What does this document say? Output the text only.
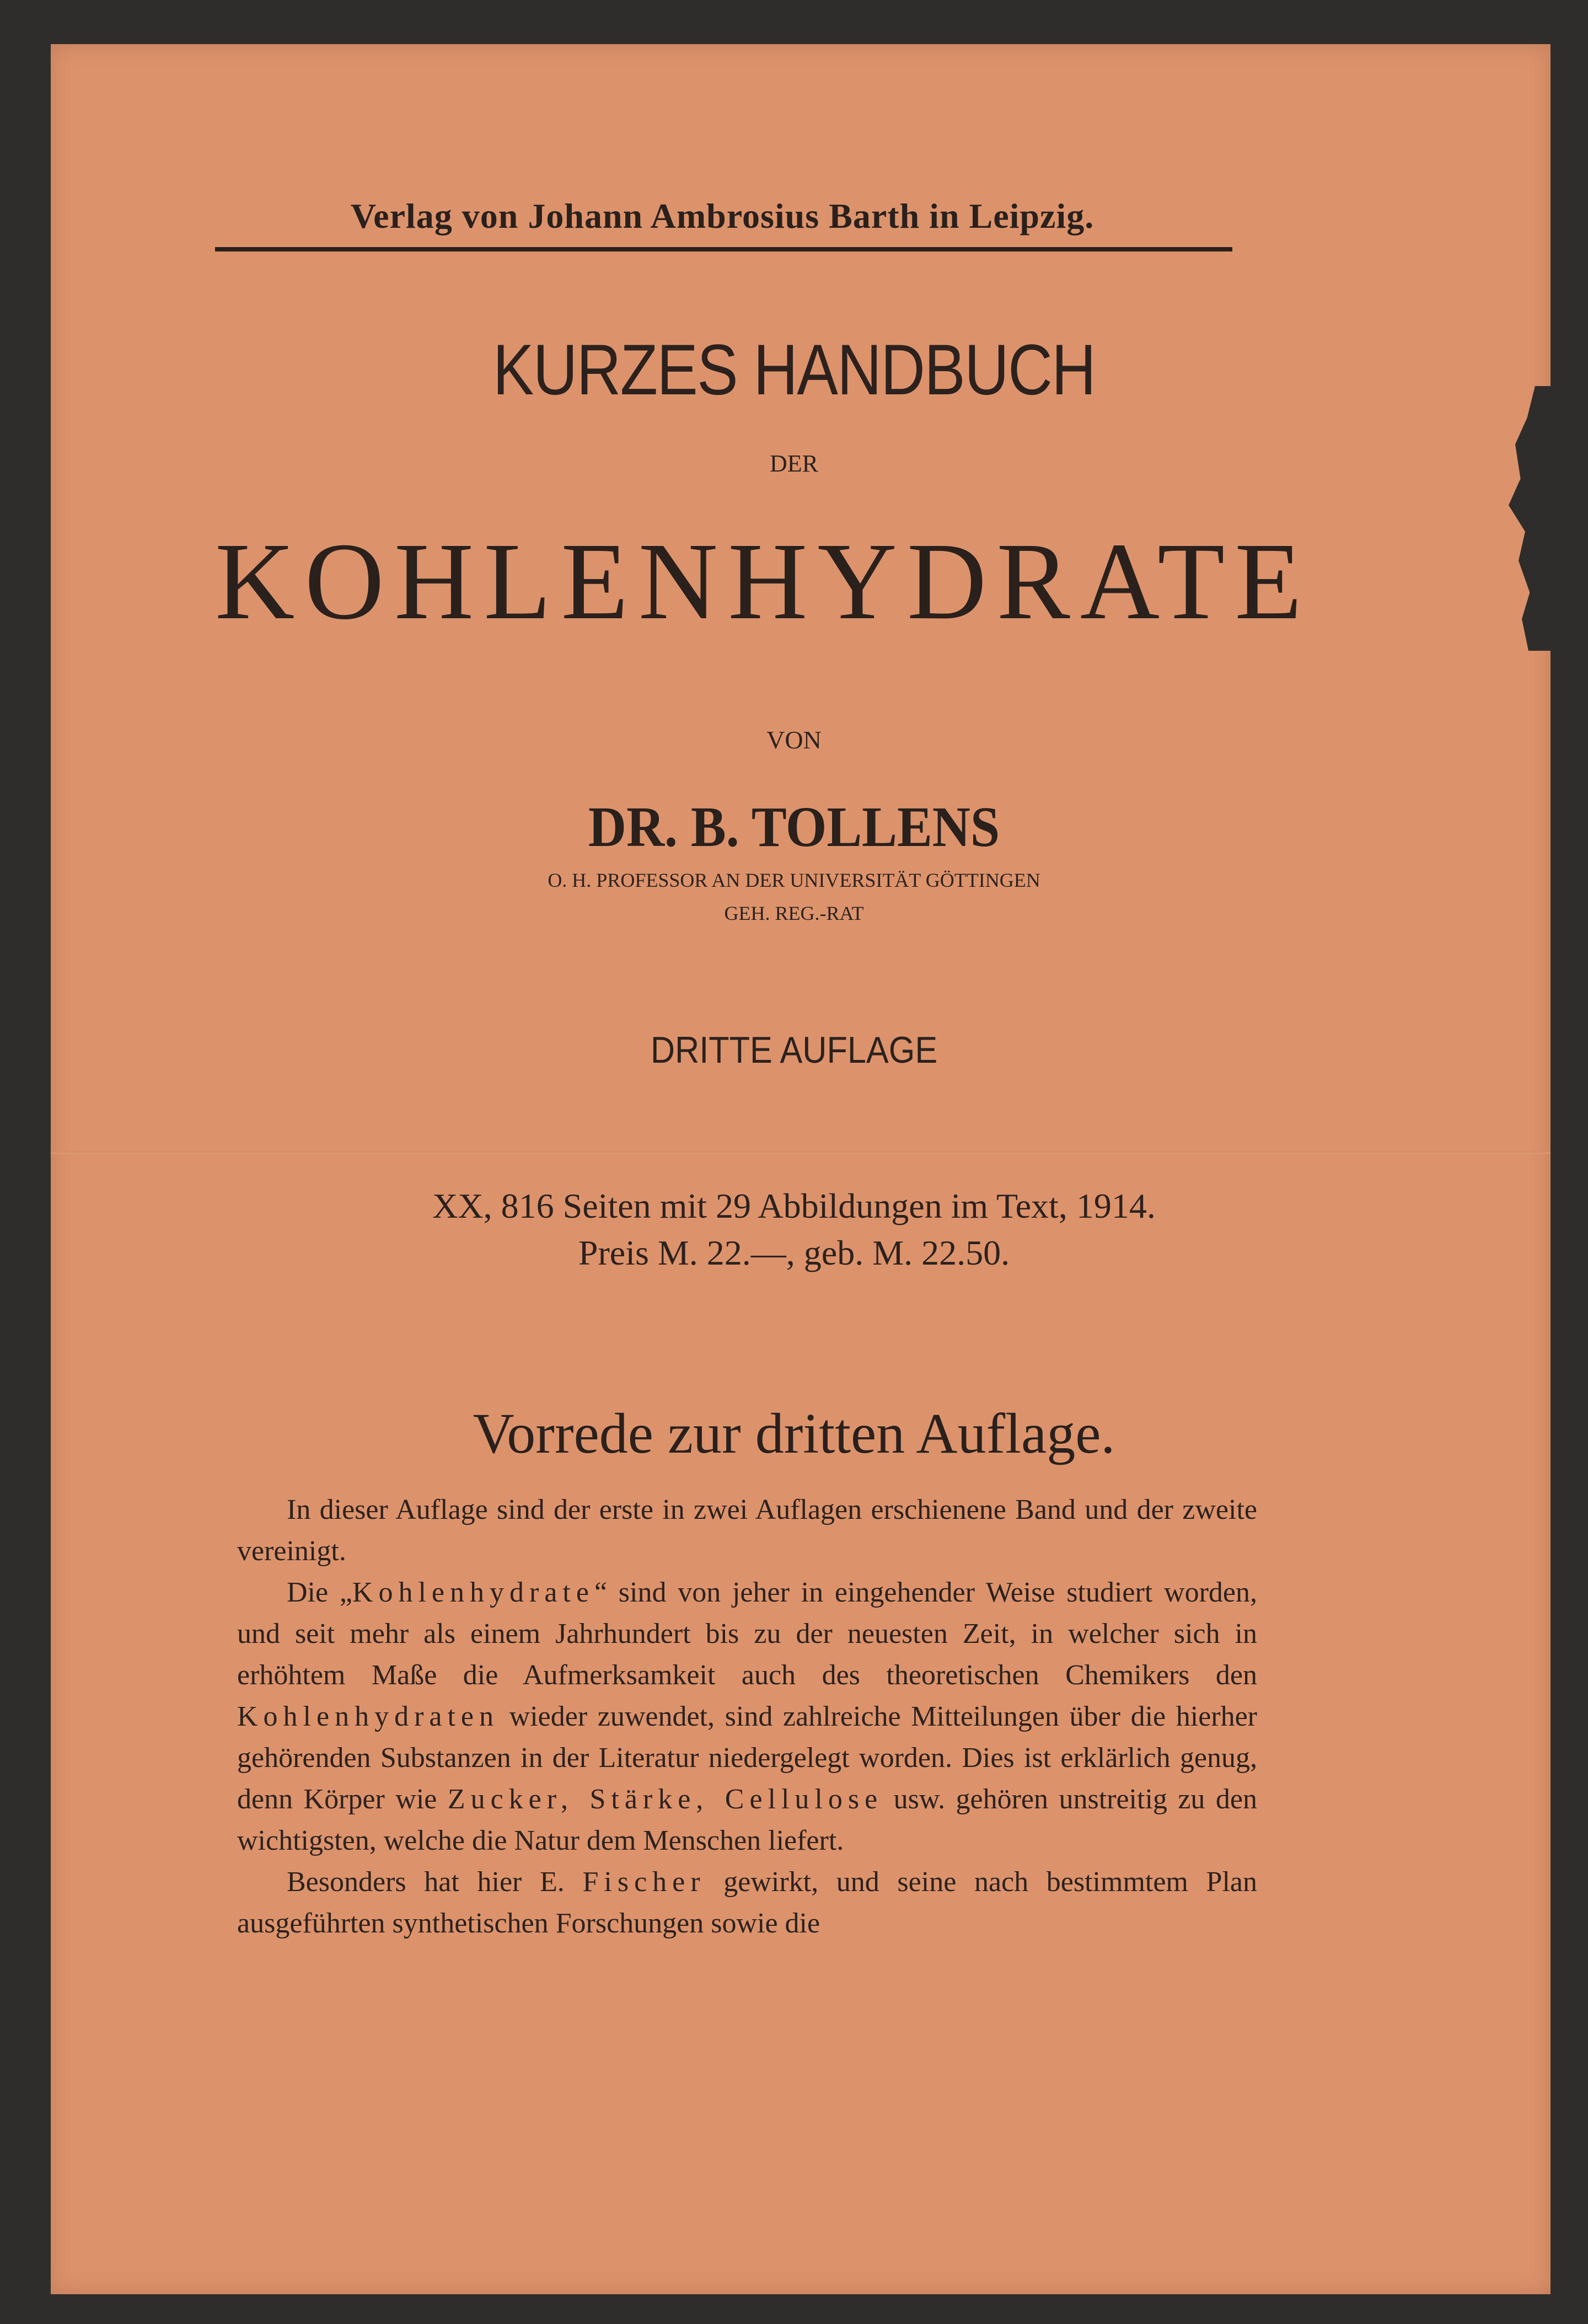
Verlag von Johann Ambrosius Barth in Leipzig.
KURZES HANDBUCH
DER
KOHLENHYDRATE
VON
DR. B. TOLLENS
O. H. PROFESSOR AN DER UNIVERSITÄT GÖTTINGEN
GEH. REG.-RAT
DRITTE AUFLAGE
XX, 816 Seiten mit 29 Abbildungen im Text, 1914.
Preis M. 22.—, geb. M. 22.50.
Vorrede zur dritten Auflage.

In dieser Auflage sind der erste in zwei Auflagen erschienene Band und der zweite vereinigt.

Die „Kohlenhydrate“ sind von jeher in eingehender Weise studiert worden, und seit mehr als einem Jahrhundert bis zu der neuesten Zeit, in welcher sich in erhöhtem Maße die Aufmerksamkeit auch des theoretischen Chemikers den Kohlenhydraten wieder zuwendet, sind zahlreiche Mitteilungen über die hierher gehörenden Substanzen in der Literatur niedergelegt worden. Dies ist erklärlich genug, denn Körper wie Zucker, Stärke, Cellulose usw. gehören unstreitig zu den wichtigsten, welche die Natur dem Menschen liefert.

Besonders hat hier E. Fischer gewirkt, und seine nach bestimmtem Plan ausgeführten synthetischen Forschungen sowie die
